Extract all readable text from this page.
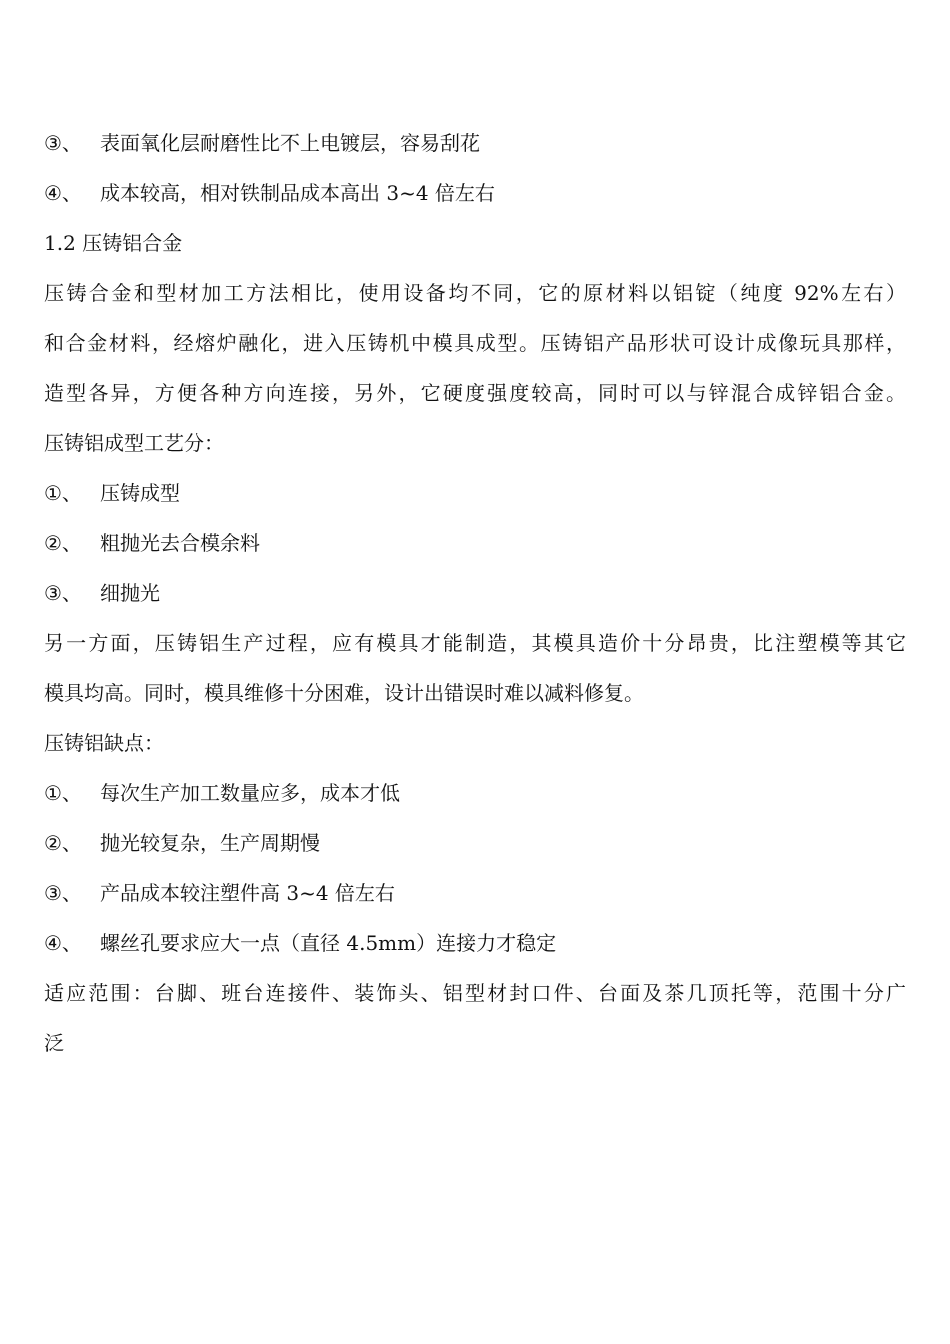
③、 表面氧化层耐磨性比不上电镀层，容易刮花
④、 成本较高，相对铁制品成本高出 3~4 倍左右
1.2 压铸铝合金
压铸合金和型材加工方法相比，使用设备均不同，它的原材料以铝锭（纯度 92%左右）
和合金材料，经熔炉融化，进入压铸机中模具成型。压铸铝产品形状可设计成像玩具那样，
造型各异，方便各种方向连接，另外，它硬度强度较高，同时可以与锌混合成锌铝合金。
压铸铝成型工艺分：
①、 压铸成型
②、 粗抛光去合模余料
③、 细抛光
另一方面，压铸铝生产过程，应有模具才能制造，其模具造价十分昂贵，比注塑模等其它
模具均高。同时，模具维修十分困难，设计出错误时难以减料修复。
压铸铝缺点：
①、 每次生产加工数量应多，成本才低
②、 抛光较复杂，生产周期慢
③、 产品成本较注塑件高 3~4 倍左右
④、 螺丝孔要求应大一点（直径 4.5mm）连接力才稳定
适应范围：台脚、班台连接件、装饰头、铝型材封口件、台面及茶几顶托等，范围十分广
泛
